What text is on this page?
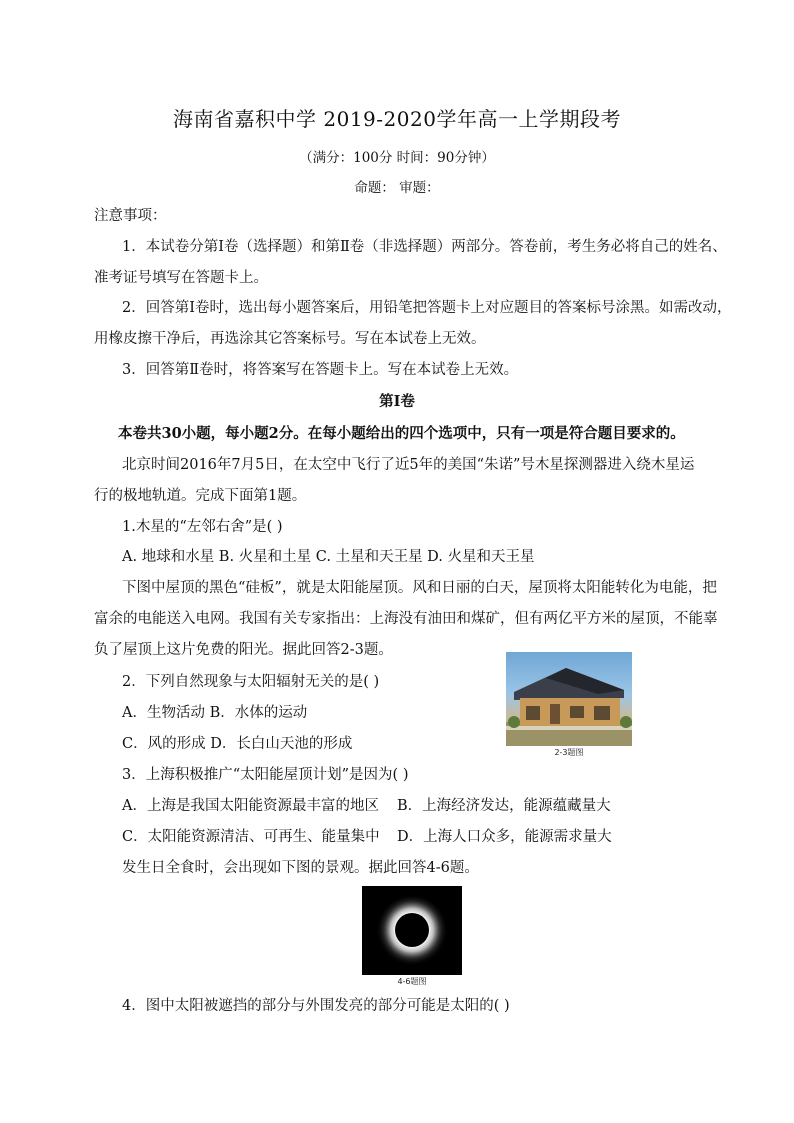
海南省嘉积中学 2019-2020学年高一上学期段考
（满分：100分 时间：90分钟）
命题： 审题：
注意事项：
1．本试卷分第Ⅰ卷（选择题）和第Ⅱ卷（非选择题）两部分。答卷前，考生务必将自己的姓名、
准考证号填写在答题卡上。
2．回答第Ⅰ卷时，选出每小题答案后，用铅笔把答题卡上对应题目的答案标号涂黑。如需改动，
用橡皮擦干净后，再选涂其它答案标号。写在本试卷上无效。
3．回答第Ⅱ卷时，将答案写在答题卡上。写在本试卷上无效。
第Ⅰ卷
本卷共30小题，每小题2分。在每小题给出的四个选项中，只有一项是符合题目要求的。
北京时间2016年7月5日，在太空中飞行了近5年的美国“朱诺”号木星探测器进入绕木星运
行的极地轨道。完成下面第1题。
1.木星的“左邻右舍”是( )
A. 地球和水星 B. 火星和土星 C. 土星和天王星 D. 火星和天王星
下图中屋顶的黑色“硅板”，就是太阳能屋顶。风和日丽的白天，屋顶将太阳能转化为电能，把
富余的电能送入电网。我国有关专家指出：上海没有油田和煤矿，但有两亿平方米的屋顶，不能辜
负了屋顶上这片免费的阳光。据此回答2-3题。
2．下列自然现象与太阳辐射无关的是( )
A．生物活动 B．水体的运动
C．风的形成 D．长白山天池的形成
2-3题图
3．上海积极推广“太阳能屋顶计划”是因为( )
A．上海是我国太阳能资源最丰富的地区 B．上海经济发达，能源蕴藏量大
C．太阳能资源清洁、可再生、能量集中 D．上海人口众多，能源需求量大
发生日全食时，会出现如下图的景观。据此回答4-6题。
4-6题图
4．图中太阳被遮挡的部分与外围发亮的部分可能是太阳的( )
